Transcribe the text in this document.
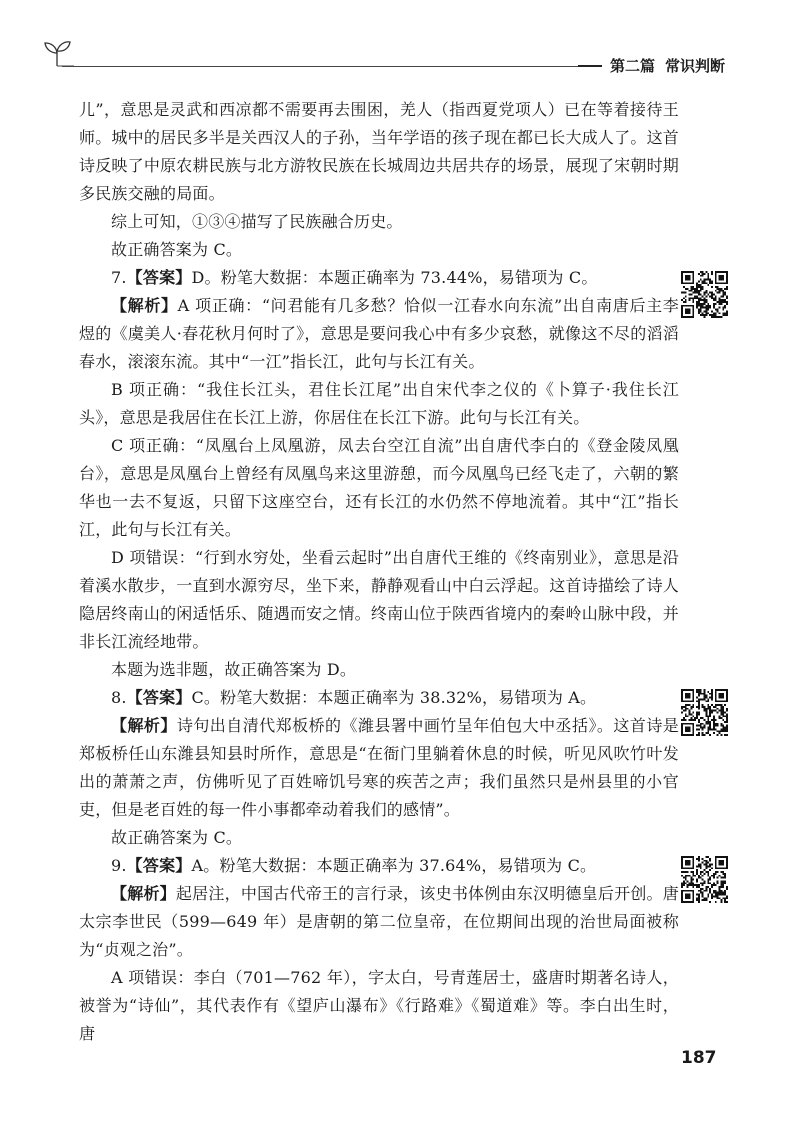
第二篇 常识判断

儿”，意思是灵武和西凉都不需要再去围困，羌人（指西夏党项人）已在等着接待王师。城中的居民多半是关西汉人的子孙，当年学语的孩子现在都已长大成人了。这首诗反映了中原农耕民族与北方游牧民族在长城周边共居共存的场景，展现了宋朝时期多民族交融的局面。

综上可知，①③④描写了民族融合历史。

故正确答案为 C。

7.【答案】D。粉笔大数据：本题正确率为 73.44%，易错项为 C。

【解析】A 项正确：“问君能有几多愁？恰似一江春水向东流”出自南唐后主李煜的《虞美人·春花秋月何时了》，意思是要问我心中有多少哀愁，就像这不尽的滔滔春水，滚滚东流。其中“一江”指长江，此句与长江有关。

B 项正确：“我住长江头，君住长江尾”出自宋代李之仪的《卜算子·我住长江头》，意思是我居住在长江上游，你居住在长江下游。此句与长江有关。

C 项正确：“凤凰台上凤凰游，凤去台空江自流”出自唐代李白的《登金陵凤凰台》，意思是凤凰台上曾经有凤凰鸟来这里游憩，而今凤凰鸟已经飞走了，六朝的繁华也一去不复返，只留下这座空台，还有长江的水仍然不停地流着。其中“江”指长江，此句与长江有关。

D 项错误：“行到水穷处，坐看云起时”出自唐代王维的《终南别业》，意思是沿着溪水散步，一直到水源穷尽，坐下来，静静观看山中白云浮起。这首诗描绘了诗人隐居终南山的闲适恬乐、随遇而安之情。终南山位于陕西省境内的秦岭山脉中段，并非长江流经地带。

本题为选非题，故正确答案为 D。

8.【答案】C。粉笔大数据：本题正确率为 38.32%，易错项为 A。

【解析】诗句出自清代郑板桥的《潍县署中画竹呈年伯包大中丞括》。这首诗是郑板桥任山东潍县知县时所作，意思是“在衙门里躺着休息的时候，听见风吹竹叶发出的萧萧之声，仿佛听见了百姓啼饥号寒的疾苦之声；我们虽然只是州县里的小官吏，但是老百姓的每一件小事都牵动着我们的感情”。

故正确答案为 C。

9.【答案】A。粉笔大数据：本题正确率为 37.64%，易错项为 C。

【解析】起居注，中国古代帝王的言行录，该史书体例由东汉明德皇后开创。唐太宗李世民（599—649 年）是唐朝的第二位皇帝，在位期间出现的治世局面被称为“贞观之治”。

A 项错误：李白（701—762 年），字太白，号青莲居士，盛唐时期著名诗人，被誉为“诗仙”，其代表作有《望庐山瀑布》《行路难》《蜀道难》等。李白出生时，唐

187
